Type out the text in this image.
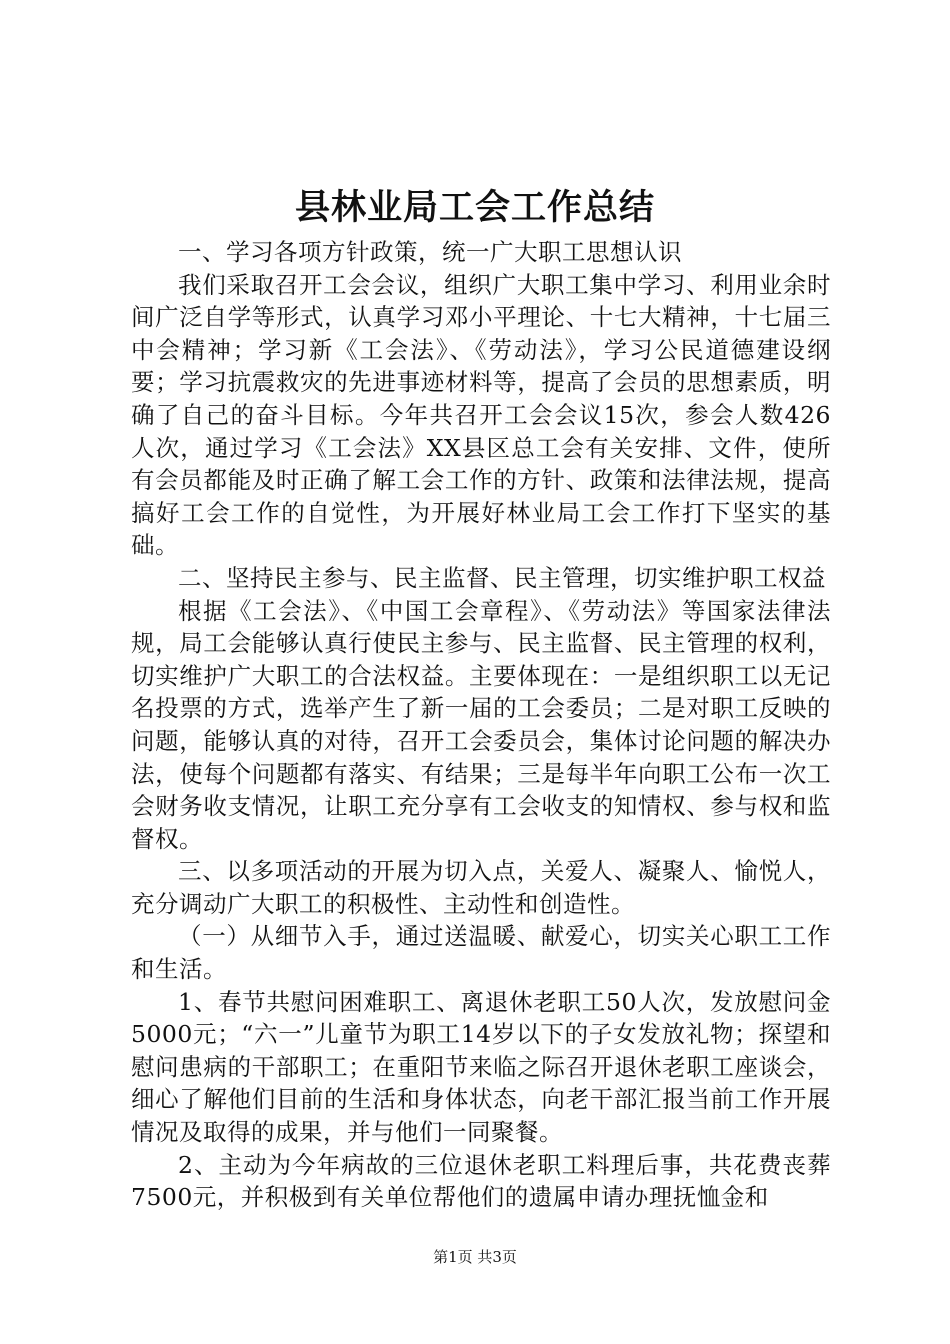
县林业局工会工作总结

一、学习各项方针政策，统一广大职工思想认识

我们采取召开工会会议，组织广大职工集中学习、利用业余时间广泛自学等形式，认真学习邓小平理论、十七大精神，十七届三中会精神；学习新《工会法》、《劳动法》，学习公民道德建设纲要；学习抗震救灾的先进事迹材料等，提高了会员的思想素质，明确了自己的奋斗目标。今年共召开工会会议15次，参会人数426人次，通过学习《工会法》XX县区总工会有关安排、文件，使所有会员都能及时正确了解工会工作的方针、政策和法律法规，提高搞好工会工作的自觉性，为开展好林业局工会工作打下坚实的基础。

二、坚持民主参与、民主监督、民主管理，切实维护职工权益

根据《工会法》、《中国工会章程》、《劳动法》等国家法律法规，局工会能够认真行使民主参与、民主监督、民主管理的权利，切实维护广大职工的合法权益。主要体现在：一是组织职工以无记名投票的方式，选举产生了新一届的工会委员；二是对职工反映的问题，能够认真的对待，召开工会委员会，集体讨论问题的解决办法，使每个问题都有落实、有结果；三是每半年向职工公布一次工会财务收支情况，让职工充分享有工会收支的知情权、参与权和监督权。

三、以多项活动的开展为切入点，关爱人、凝聚人、愉悦人，充分调动广大职工的积极性、主动性和创造性。

（一）从细节入手，通过送温暖、献爱心，切实关心职工工作和生活。

1、春节共慰问困难职工、离退休老职工50人次，发放慰问金5000元；“六一”儿童节为职工14岁以下的子女发放礼物；探望和慰问患病的干部职工；在重阳节来临之际召开退休老职工座谈会，细心了解他们目前的生活和身体状态，向老干部汇报当前工作开展情况及取得的成果，并与他们一同聚餐。

2、主动为今年病故的三位退休老职工料理后事，共花费丧葬7500元，并积极到有关单位帮他们的遗属申请办理抚恤金和

第1页 共3页
